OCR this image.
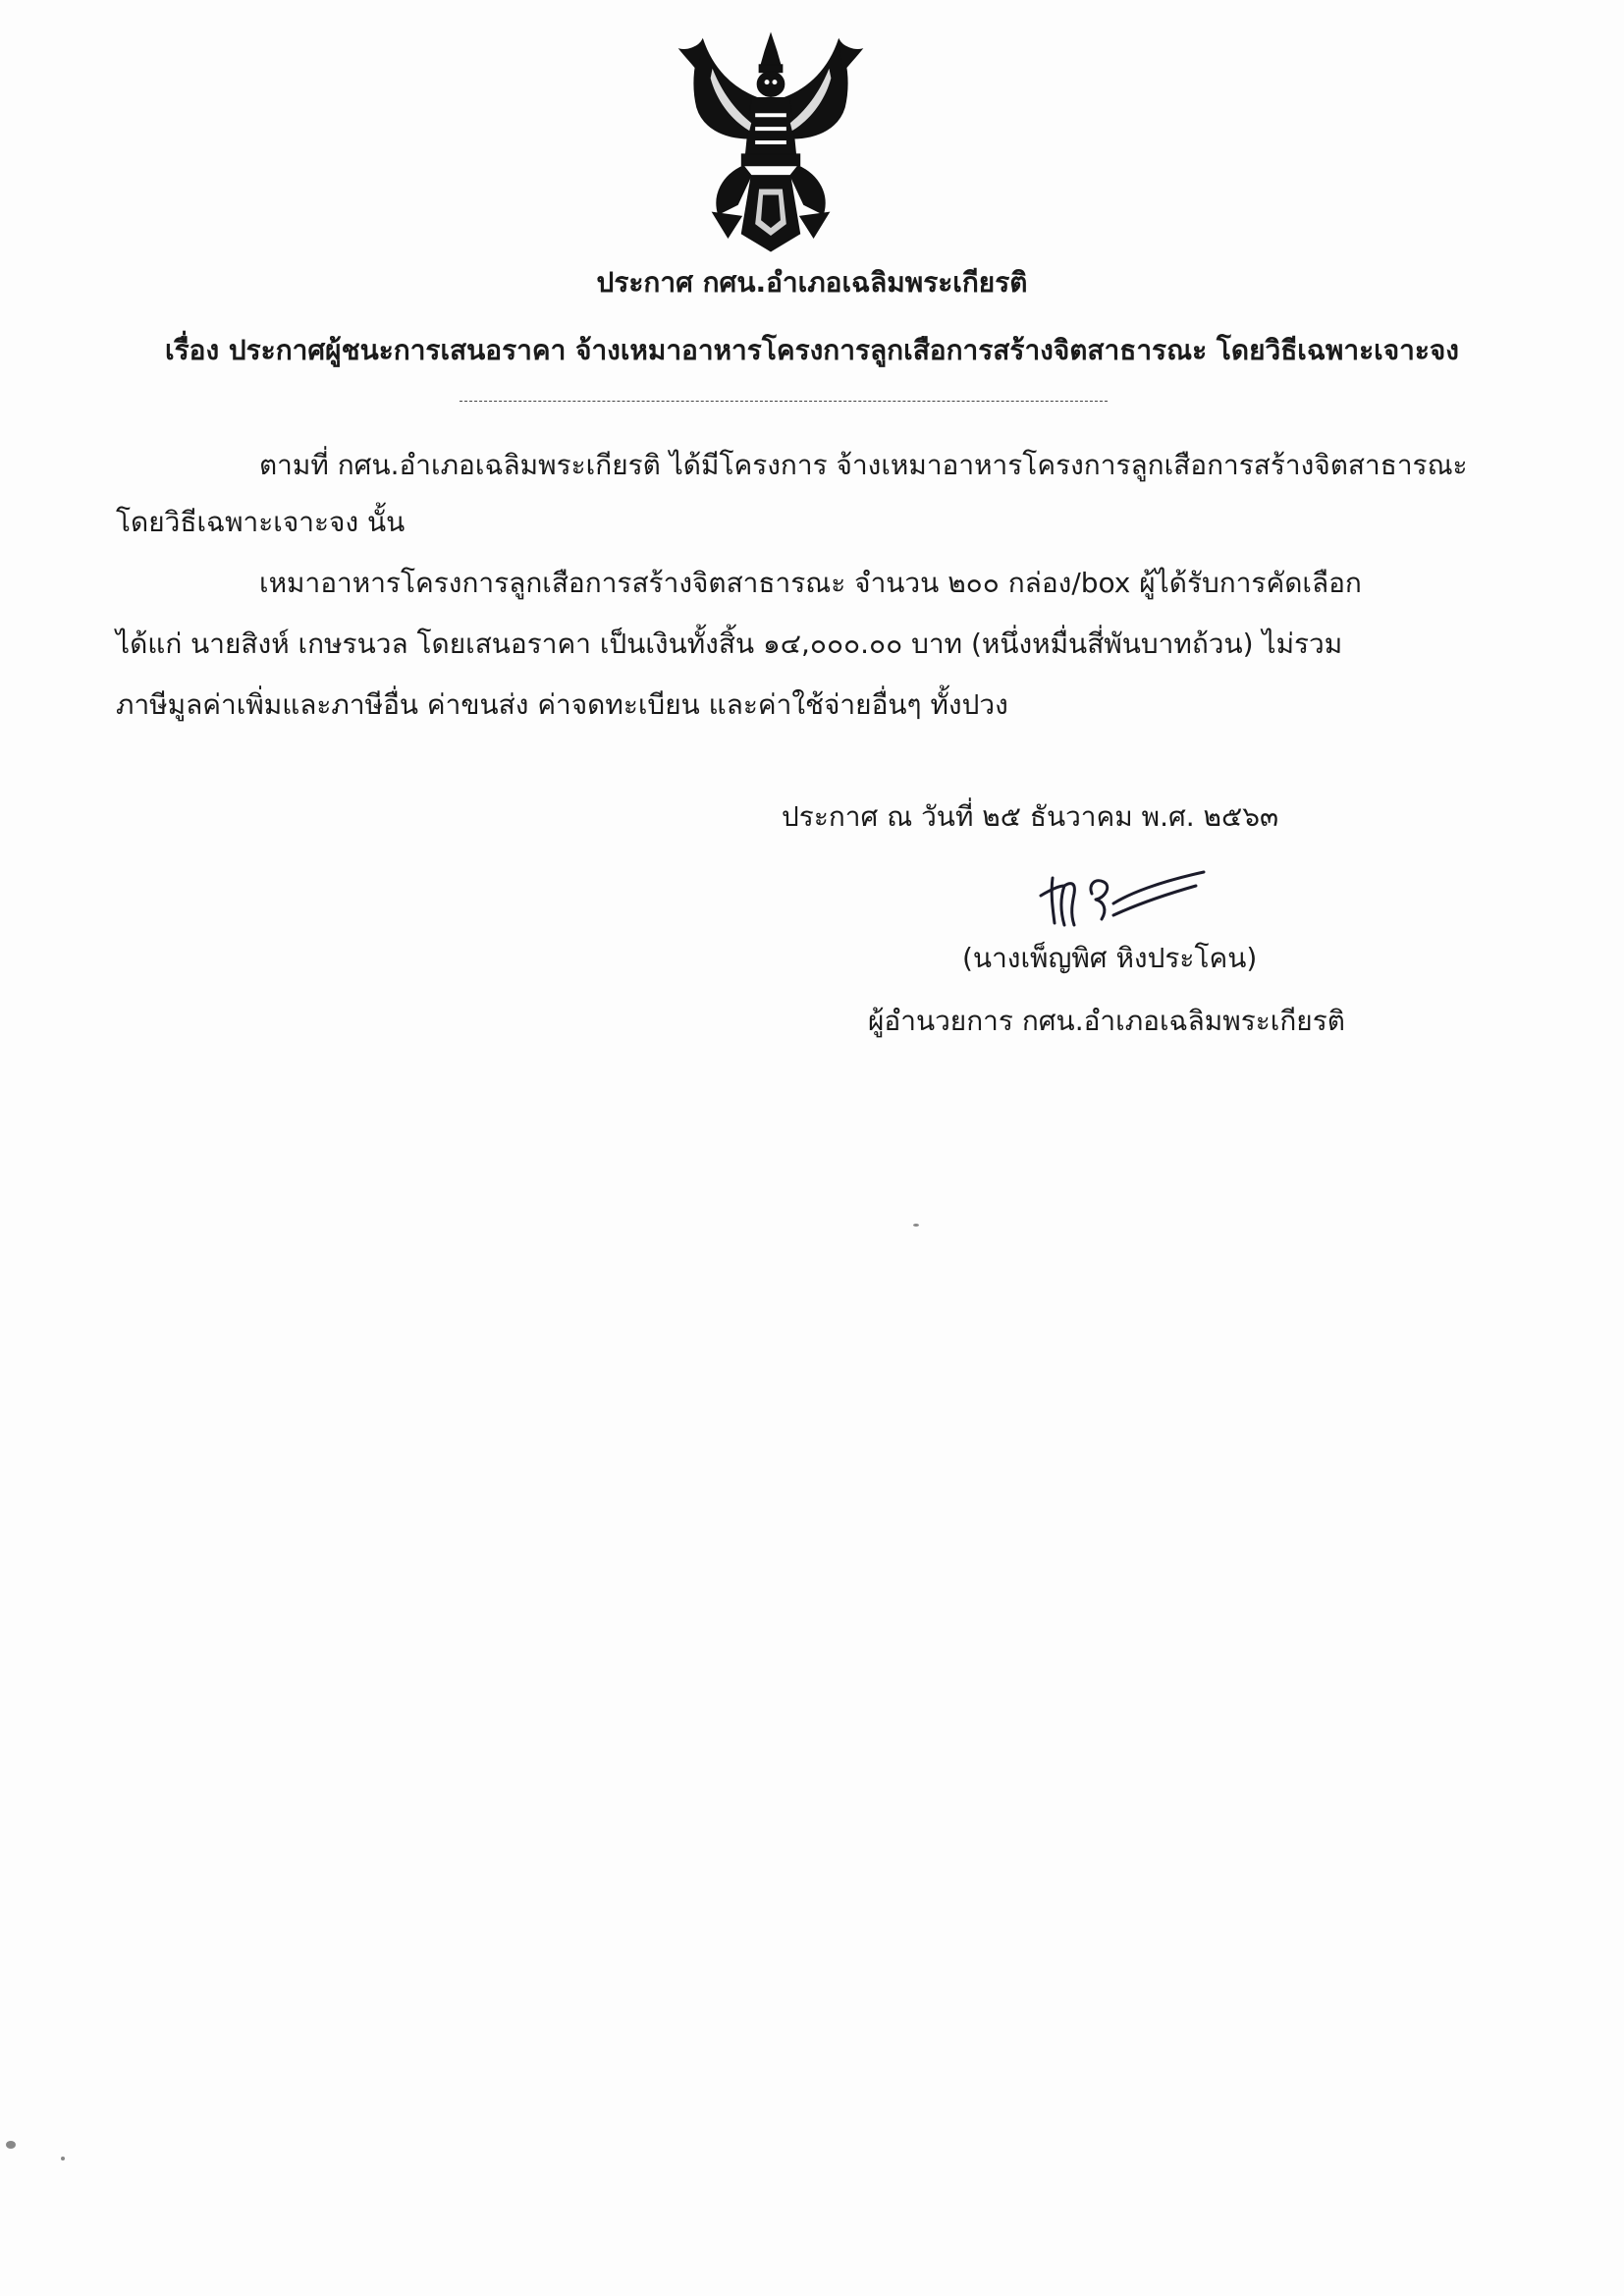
ประกาศ กศน.อำเภอเฉลิมพระเกียรติ
เรื่อง ประกาศผู้ชนะการเสนอราคา จ้างเหมาอาหารโครงการลูกเสือการสร้างจิตสาธารณะ โดยวิธีเฉพาะเจาะจง
ตามที่ กศน.อำเภอเฉลิมพระเกียรติ ได้มีโครงการ จ้างเหมาอาหารโครงการลูกเสือการสร้างจิตสาธารณะ
โดยวิธีเฉพาะเจาะจง นั้น
เหมาอาหารโครงการลูกเสือการสร้างจิตสาธารณะ จำนวน ๒๐๐ กล่อง/box ผู้ได้รับการคัดเลือก
ได้แก่ นายสิงห์ เกษรนวล โดยเสนอราคา เป็นเงินทั้งสิ้น ๑๔,๐๐๐.๐๐ บาท (หนึ่งหมื่นสี่พันบาทถ้วน) ไม่รวม
ภาษีมูลค่าเพิ่มและภาษีอื่น ค่าขนส่ง ค่าจดทะเบียน และค่าใช้จ่ายอื่นๆ ทั้งปวง
ประกาศ ณ วันที่ ๒๕ ธันวาคม พ.ศ. ๒๕๖๓
(นางเพ็ญพิศ หิงประโคน)
ผู้อำนวยการ กศน.อำเภอเฉลิมพระเกียรติ
